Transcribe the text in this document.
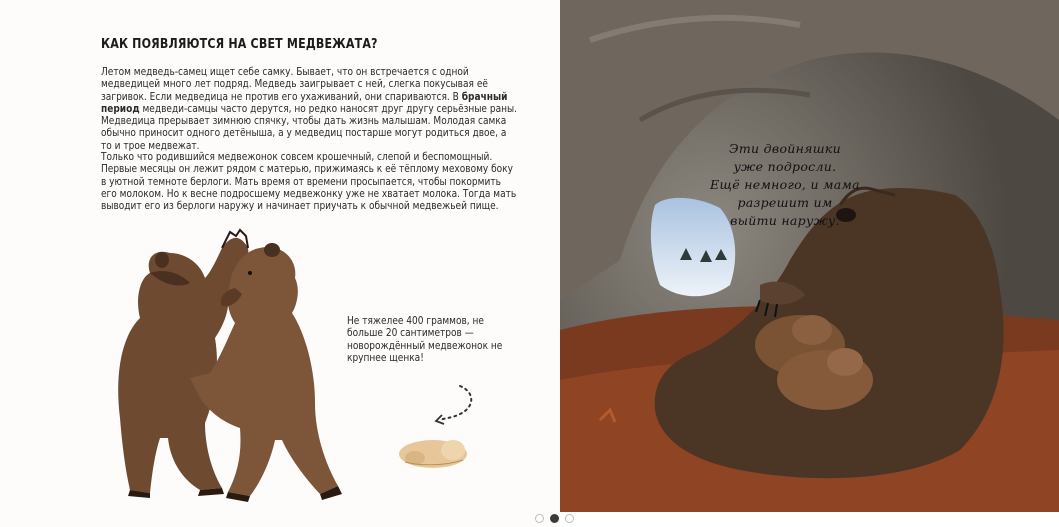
КАК ПОЯВЛЯЮТСЯ НА СВЕТ МЕДВЕЖАТА?

Летом медведь-самец ищет себе самку. Бывает, что он встречается с одной медведицей много лет подряд. Медведь заигрывает с ней, слегка покусывая её загривок. Если медведица не против его ухаживаний, они спариваются. В брачный период медведи-самцы часто дерутся, но редко наносят друг другу серьёзные раны. Медведица прерывает зимнюю спячку, чтобы дать жизнь малышам. Молодая самка обычно приносит одного детёныша, а у медведиц постарше могут родиться двое, а то и трое медвежат.

Только что родившийся медвежонок совсем крошечный, слепой и беспомощный. Первые месяцы он лежит рядом с матерью, прижимаясь к её тёплому меховому боку в уютной темноте берлоги. Мать время от времени просыпается, чтобы покормить его молоком. Но к весне подросшему медвежонку уже не хватает молока. Тогда мать выводит его из берлоги наружу и начинает приучать к обычной медвежьей пище.

Не тяжелее 400 граммов, не больше 20 сантиметров — новорождённый медвежонок не крупнее щенка!

Эти двойняшки
уже подросли.
Ещё немного, и мама
разрешит им
выйти наружу.
